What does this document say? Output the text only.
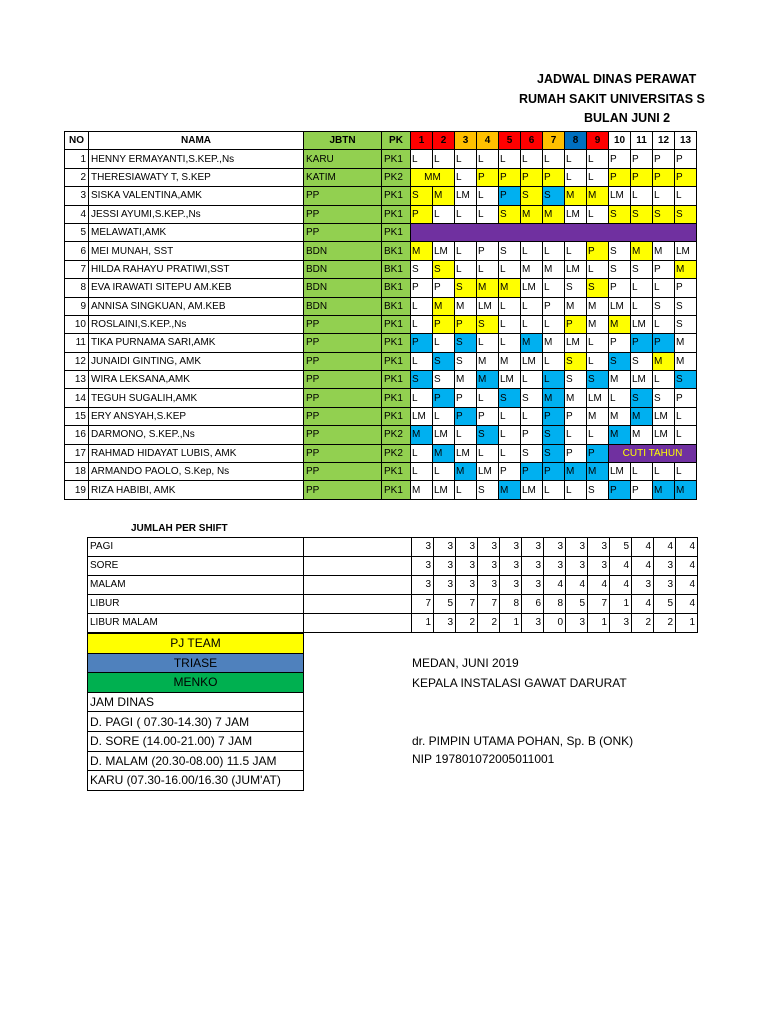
JADWAL DINAS PERAWAT
RUMAH SAKIT UNIVERSITAS S
BULAN JUNI 2
NO	NAMA	JBTN	PK	1	2	3	4	5	6	7	8	9	10	11	12	13
1	HENNY ERMAYANTI,S.KEP.,Ns	KARU	PK1	L	L	L	L	L	L	L	L	L	P	P	P	P
2	THERESIAWATY T, S.KEP	KATIM	PK2	MM		L	P	P	P	P	L	L	P	P	P	P
3	SISKA VALENTINA,AMK	PP	PK1	S	M	LM	L	P	S	S	M	M	LM	L	L	L
4	JESSI AYUMI,S.KEP.,Ns	PP	PK1	P	L	L	L	S	M	M	LM	L	S	S	S	S
5	MELAWATI,AMK	PP	PK1													
6	MEI MUNAH, SST	BDN	BK1	M	LM	L	P	S	L	L	L	P	S	M	M	LM
7	HILDA RAHAYU PRATIWI,SST	BDN	BK1	S	S	L	L	L	M	M	LM	L	S	S	P	M
8	EVA IRAWATI SITEPU AM.KEB	BDN	BK1	P	P	S	M	M	LM	L	S	S	P	L	L	P
9	ANNISA SINGKUAN, AM.KEB	BDN	BK1	L	M	M	LM	L	L	P	M	M	LM	L	S	S
10	ROSLAINI,S.KEP.,Ns	PP	PK1	L	P	P	S	L	L	L	P	M	M	LM	L	S
11	TIKA PURNAMA SARI,AMK	PP	PK1	P	L	S	L	L	M	M	LM	L	P	P	P	M
12	JUNAIDI GINTING, AMK	PP	PK1	L	S	S	M	M	LM	L	S	L	S	S	M	M
13	WIRA LEKSANA,AMK	PP	PK1	S	S	M	M	LM	L	L	S	S	M	LM	L	S
14	TEGUH SUGALIH,AMK	PP	PK1	L	P	P	L	S	S	M	M	LM	L	S	S	P
15	ERY ANSYAH,S.KEP	PP	PK1	LM	L	P	P	L	L	P	P	M	M	M	LM	L
16	DARMONO, S.KEP.,Ns	PP	PK2	M	LM	L	S	L	P	S	L	L	M	M	LM	L
17	RAHMAD HIDAYAT LUBIS, AMK	PP	PK2	L	M	LM	L	L	S	S	P	P	CUTI TAHUN			
18	ARMANDO PAOLO, S.Kep, Ns	PP	PK1	L	L	M	LM	P	P	P	M	M	LM	L	L	L
19	RIZA HABIBI, AMK	PP	PK1	M	LM	L	S	M	LM	L	L	S	P	P	M	M
JUMLAH PER SHIFT
PAGI		3	3	3	3	3	3	3	3	3	5	4	4	4
SORE		3	3	3	3	3	3	3	3	3	4	4	3	4
MALAM		3	3	3	3	3	3	4	4	4	4	3	3	4
LIBUR		7	5	7	7	8	6	8	5	7	1	4	5	4
LIBUR MALAM		1	3	2	2	1	3	0	3	1	3	2	2	1
PJ TEAM
TRIASE
MENKO
JAM DINAS
D. PAGI ( 07.30-14.30) 7 JAM
D. SORE (14.00-21.00) 7 JAM
D. MALAM (20.30-08.00) 11.5 JAM
KARU (07.30-16.00/16.30 (JUM'AT)
MEDAN, JUNI 2019
KEPALA INSTALASI GAWAT DARURAT
dr. PIMPIN UTAMA POHAN, Sp. B (ONK)
NIP 197801072005011001
